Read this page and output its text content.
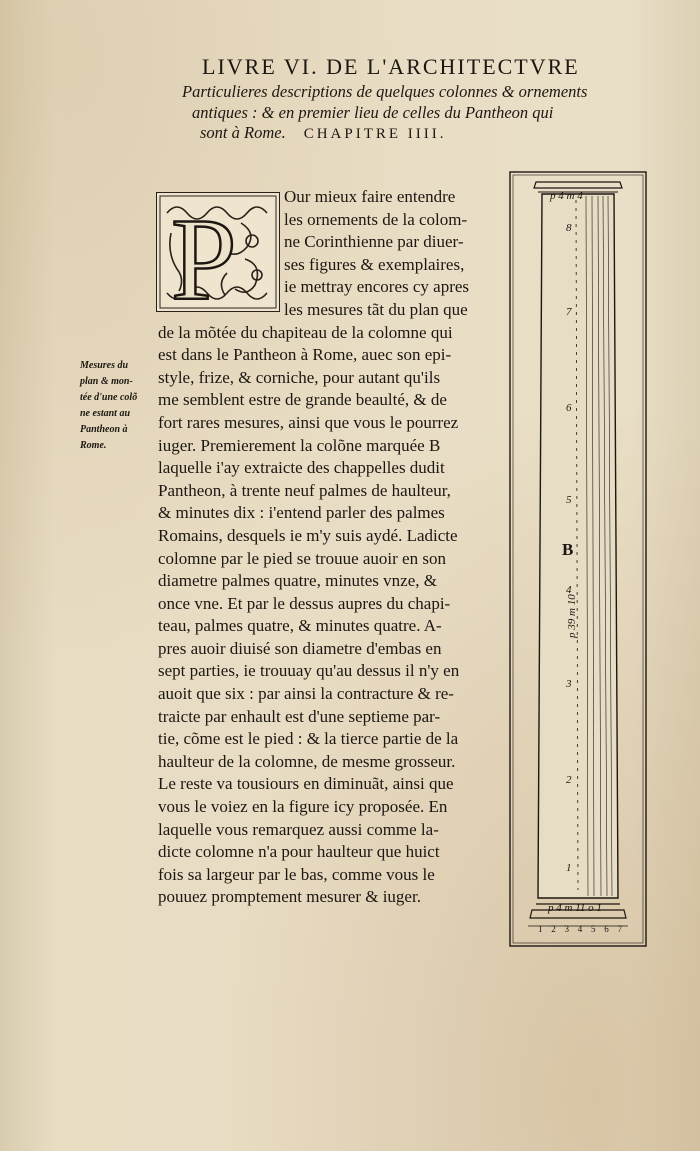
LIVRE VI. DE L'ARCHITECTVRE
Particulieres descriptions de quelques colonnes & ornements
antiques : & en premier lieu de celles du Pantheon qui
sont à Rome. CHAPITRE IIII.
P	Our mieux faire entendre
les ornements de la colom-
ne Corinthienne par diuer-
ses figures & exemplaires,
ie mettray encores cy apres
les mesures tãt du plan que
de la mõtée du chapiteau de la colomne qui
est dans le Pantheon à Rome, auec son epi-
style, frize, & corniche, pour autant qu'ils
me semblent estre de grande beaulté, & de
fort rares mesures, ainsi que vous le pourrez
iuger. Premierement la colõne marquée B
laquelle i'ay extraicte des chappelles dudit
Pantheon, à trente neuf palmes de haulteur,
& minutes dix : i'entend parler des palmes
Romains, desquels ie m'y suis aydé. Ladicte
colomne par le pied se trouue auoir en son
diametre palmes quatre, minutes vnze, &
once vne. Et par le dessus aupres du chapi-
teau, palmes quatre, & minutes quatre. A-
pres auoir diuisé son diametre d'embas en
sept parties, ie trouuay qu'au dessus il n'y en
auoit que six : par ainsi la contracture & re-
traicte par enhault est d'une septieme par-
tie, cõme est le pied : & la tierce partie de la
haulteur de la colomne, de mesme grosseur.
Le reste va tousiours en diminuãt, ainsi que
vous le voiez en la figure icy proposée. En
laquelle vous remarquez aussi comme la-
dicte colomne n'a pour haulteur que huict
fois sa largeur par le bas, comme vous le
pouuez promptement mesurer & iuger.
Mesures du
plan & mon-
tée d'une colõ
ne estant au
Pantheon à
Rome.
p 4 m 4
B
p 39 m 10
p 4 m 11 o 1
1
2
3
4
5
6
7
8
1 2 3 4 5 6 7
